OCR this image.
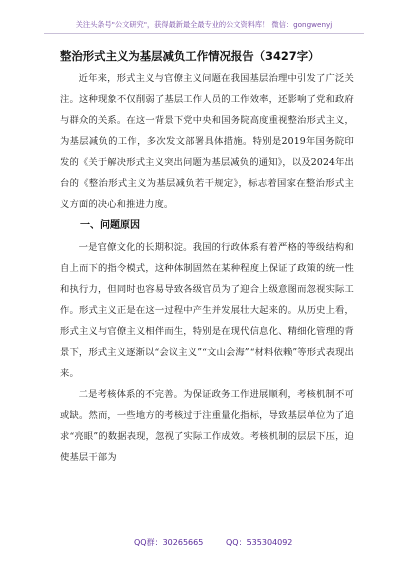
关注头条号"公文研究"，获得最新最全最专业的公文资料库！ 微信：gongwenyj
整治形式主义为基层减负工作情况报告（3427字）

近年来，形式主义与官僚主义问题在我国基层治理中引发了广泛关注。这种现象不仅削弱了基层工作人员的工作效率，还影响了党和政府与群众的关系。在这一背景下党中央和国务院高度重视整治形式主义，为基层减负的工作，多次发文部署具体措施。特别是2019年国务院印发的《关于解决形式主义突出问题为基层减负的通知》，以及2024年出台的《整治形式主义为基层减负若干规定》，标志着国家在整治形式主义方面的决心和推进力度。

一、问题原因

一是官僚文化的长期积淀。我国的行政体系有着严格的等级结构和自上而下的指令模式，这种体制固然在某种程度上保证了政策的统一性和执行力，但同时也容易导致各级官员为了迎合上级意图而忽视实际工作。形式主义正是在这一过程中产生并发展壮大起来的。从历史上看，形式主义与官僚主义相伴而生，特别是在现代信息化、精细化管理的背景下，形式主义逐渐以“会议主义”“文山会海”“材料依赖”等形式表现出来。

二是考核体系的不完善。为保证政务工作进展顺利，考核机制不可或缺。然而，一些地方的考核过于注重量化指标，导致基层单位为了追求“亮眼”的数据表现，忽视了实际工作成效。考核机制的层层下压，迫使基层干部为

QQ群：30265665	QQ：535304092
